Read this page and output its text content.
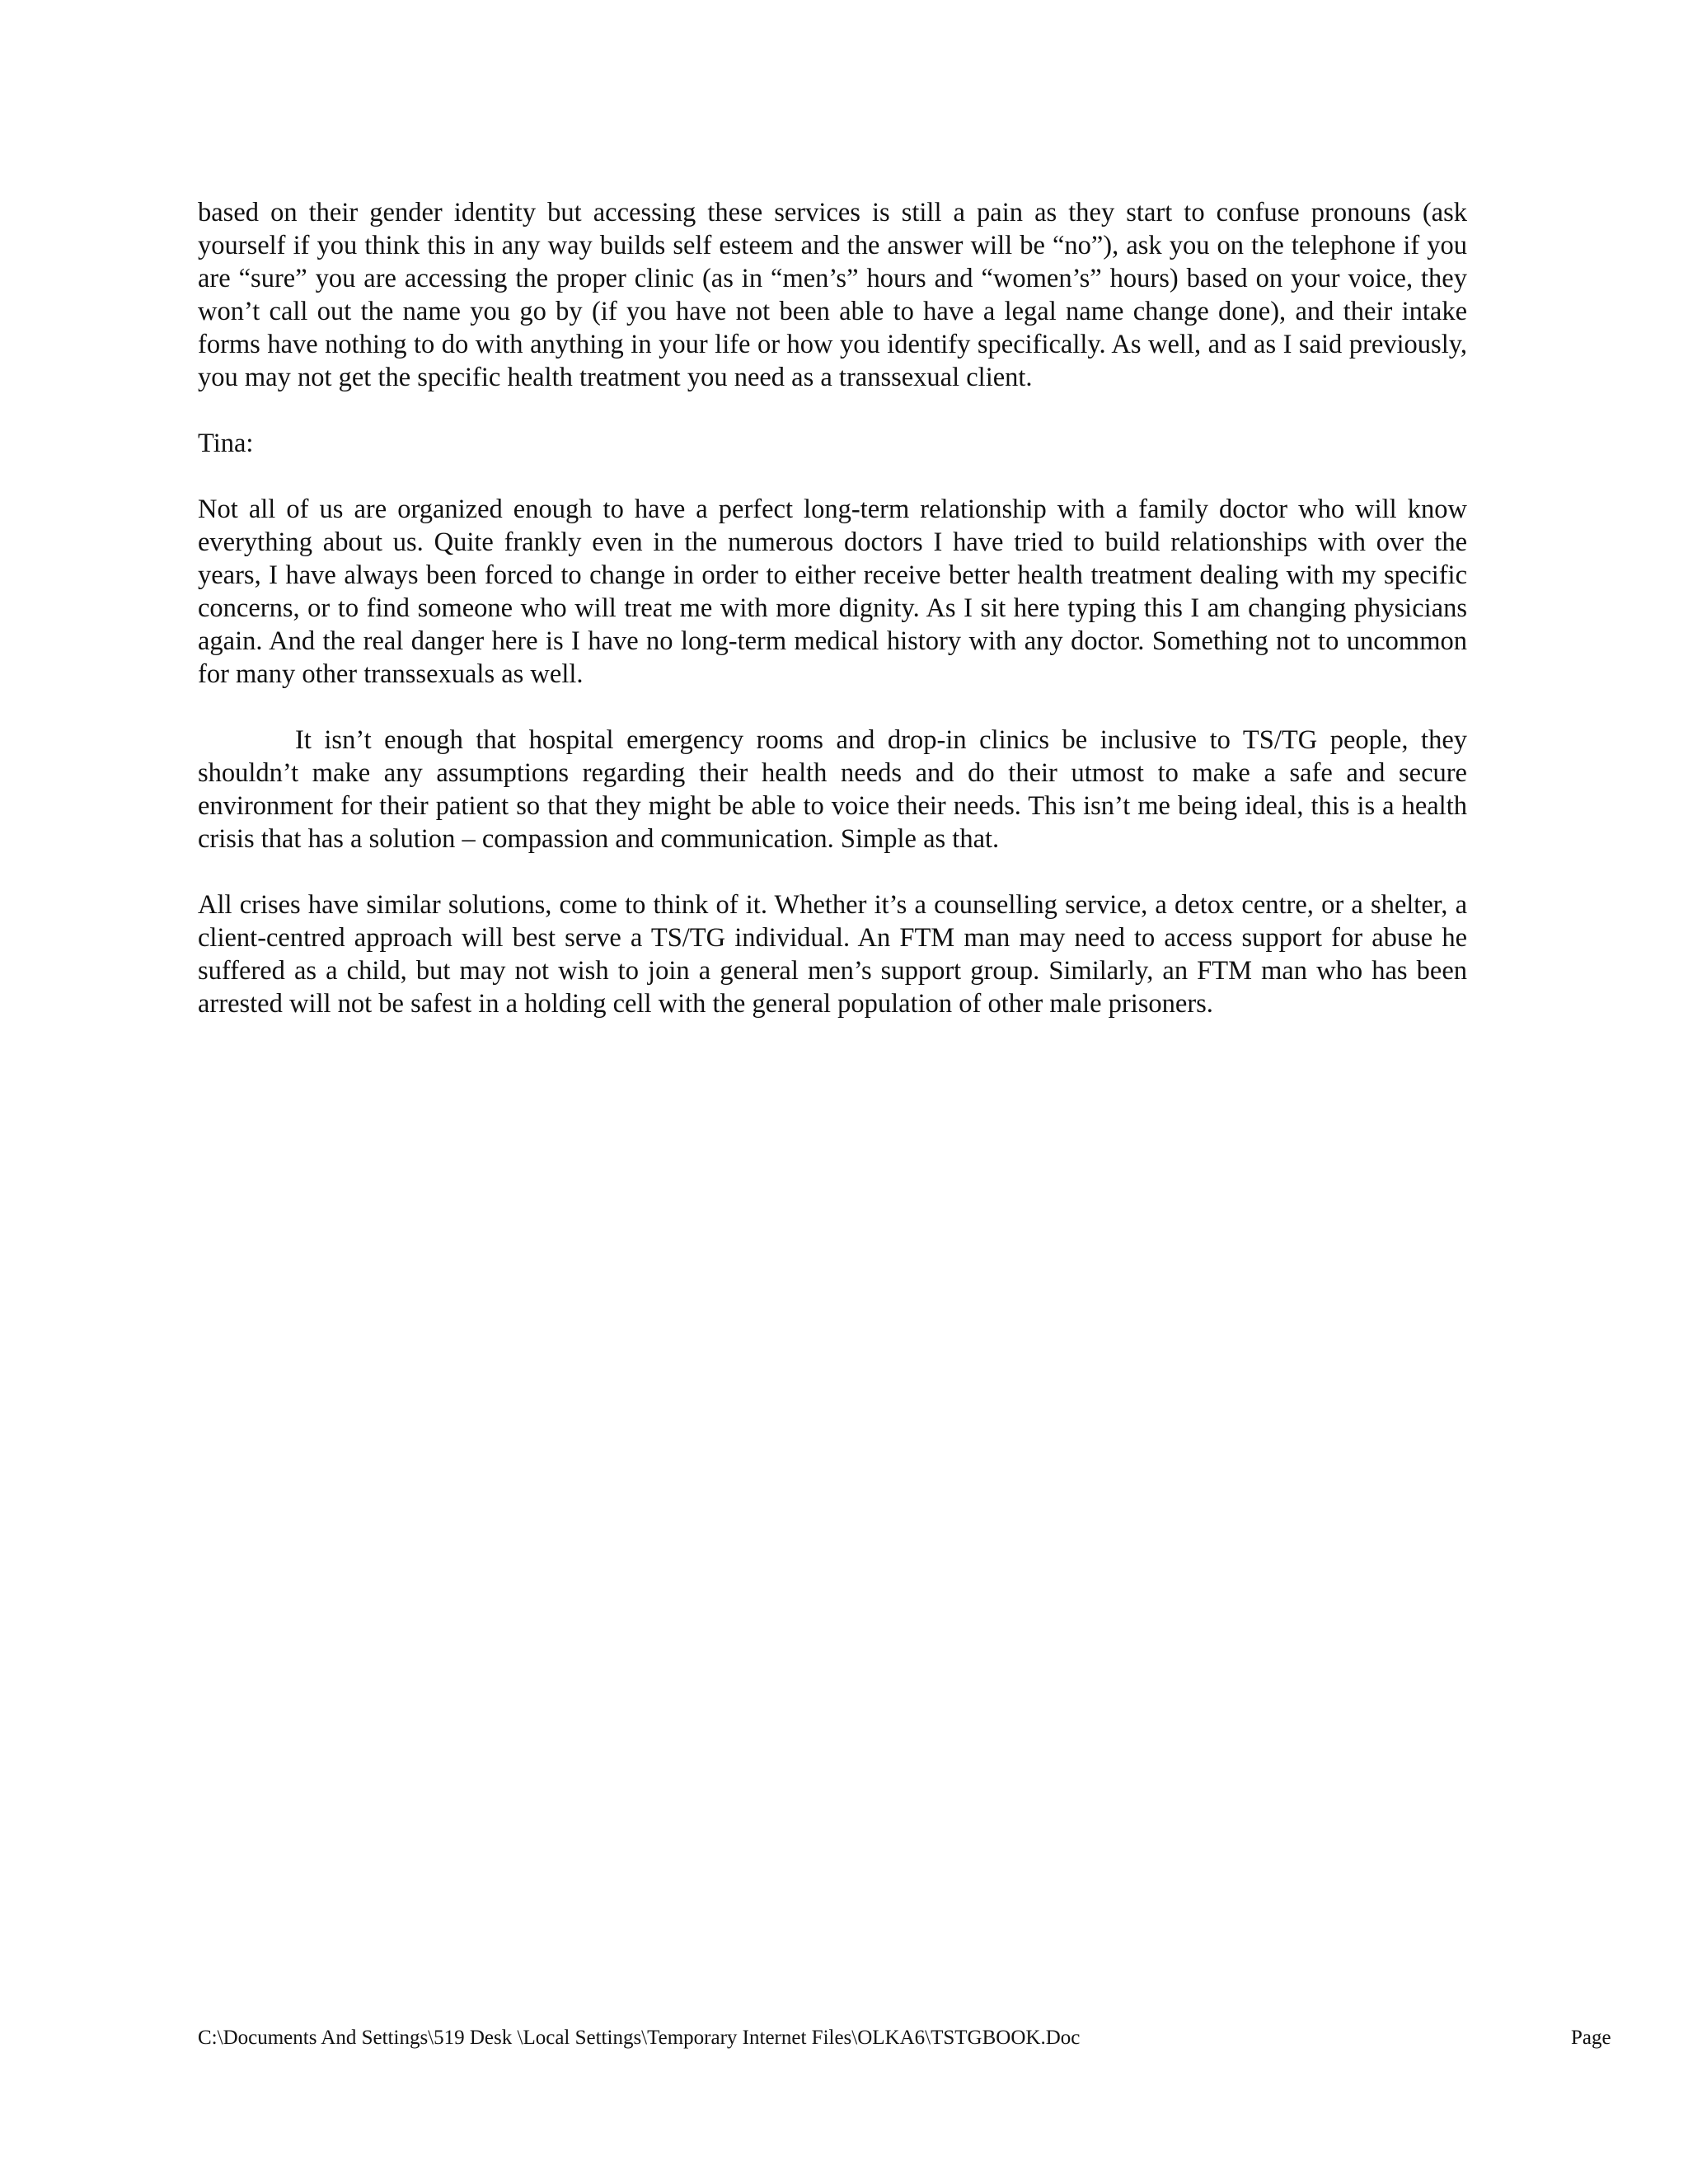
based on their gender identity but accessing these services is still a pain as they start to confuse pronouns (ask yourself if you think this in any way builds self esteem and the answer will be “no”), ask you on the telephone if you are “sure” you are accessing the proper clinic (as in “men’s” hours and “women’s” hours) based on your voice, they won’t call out the name you go by (if you have not been able to have a legal name change done), and their intake forms have nothing to do with anything in your life or how you identify specifically. As well, and as I said previously, you may not get the specific health treatment you need as a transsexual client.

Tina:

Not all of us are organized enough to have a perfect long-term relationship with a family doctor who will know everything about us. Quite frankly even in the numerous doctors I have tried to build relationships with over the years, I have always been forced to change in order to either receive better health treatment dealing with my specific concerns, or to find someone who will treat me with more dignity. As I sit here typing this I am changing physicians again. And the real danger here is I have no long-term medical history with any doctor. Something not to uncommon for many other transsexuals as well.

It isn’t enough that hospital emergency rooms and drop-in clinics be inclusive to TS/TG people, they shouldn’t make any assumptions regarding their health needs and do their utmost to make a safe and secure environment for their patient so that they might be able to voice their needs. This isn’t me being ideal, this is a health crisis that has a solution – compassion and communication. Simple as that.

All crises have similar solutions, come to think of it. Whether it’s a counselling service, a detox centre, or a shelter, a client-centred approach will best serve a TS/TG individual. An FTM man may need to access support for abuse he suffered as a child, but may not wish to join a general men’s support group. Similarly, an FTM man who has been arrested will not be safest in a holding cell with the general population of other male prisoners.

C:\Documents And Settings\519 Desk \Local Settings\Temporary Internet Files\OLKA6\TSTGBOOK.Doc	Page
